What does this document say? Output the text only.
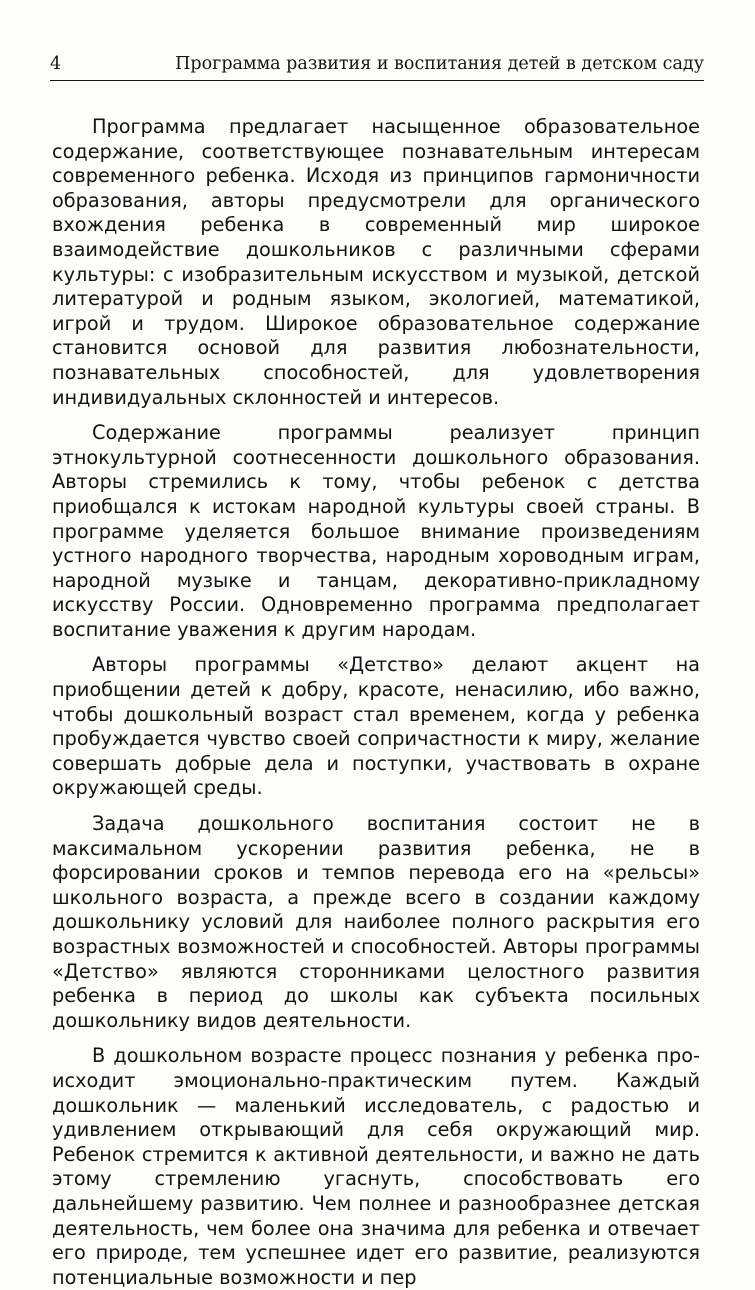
4	Программа развития и воспитания детей в детском саду

Программа предлагает насыщенное образовательное содержание, соответствующее познавательным интересам современного ребенка. Исходя из принципов гармоничности образования, авторы предусмотрели для органического вхождения ребенка в современный мир широкое взаимодействие дошкольников с различными сферами культуры: с изобразительным искусством и музыкой, детской литературой и родным языком, экологией, математикой, игрой и трудом. Широкое образовательное содержание становится основой для развития любознательности, познавательных способностей, для удовлетворения индивидуальных склонностей и интересов.

Содержание программы реализует принцип этнокультурной соотнесенности дошкольного образования. Авторы стремились к тому, чтобы ребенок с детства приобщался к истокам народной культуры своей страны. В программе уделяется большое внимание произведениям устного народного творчества, народным хороводным играм, народной музыке и танцам, декоративно-прикладному искусству России. Одновременно программа предполагает воспитание уважения к другим народам.

Авторы программы «Детство» делают акцент на приобщении детей к добру, красоте, ненасилию, ибо важно, чтобы дошкольный возраст стал временем, когда у ребенка пробуждается чувство своей сопричастности к миру, желание совершать добрые дела и поступки, участвовать в охране окружающей среды.

Задача дошкольного воспитания состоит не в максимальном ускорении развития ребенка, не в форсировании сроков и темпов перевода его на «рельсы» школьного возраста, а прежде всего в создании каждому дошкольнику условий для наиболее полного раскрытия его возрастных возможностей и способностей. Авторы программы «Детство» являются сторонниками целостного развития ребенка в период до школы как субъекта посильных дошкольнику видов деятельности.

В дошкольном возрасте процесс познания у ребенка происходит эмоционально-практическим путем. Каждый дошкольник — маленький исследователь, с радостью и удивлением открывающий для себя окружающий мир. Ребенок стремится к активной деятельности, и важно не дать этому стремлению угаснуть, способствовать его дальнейшему развитию. Чем полнее и разнообразнее детская деятельность, чем более она значима для ребенка и отвечает его природе, тем успешнее идет его развитие, реализуются потенциальные возможности и пер
